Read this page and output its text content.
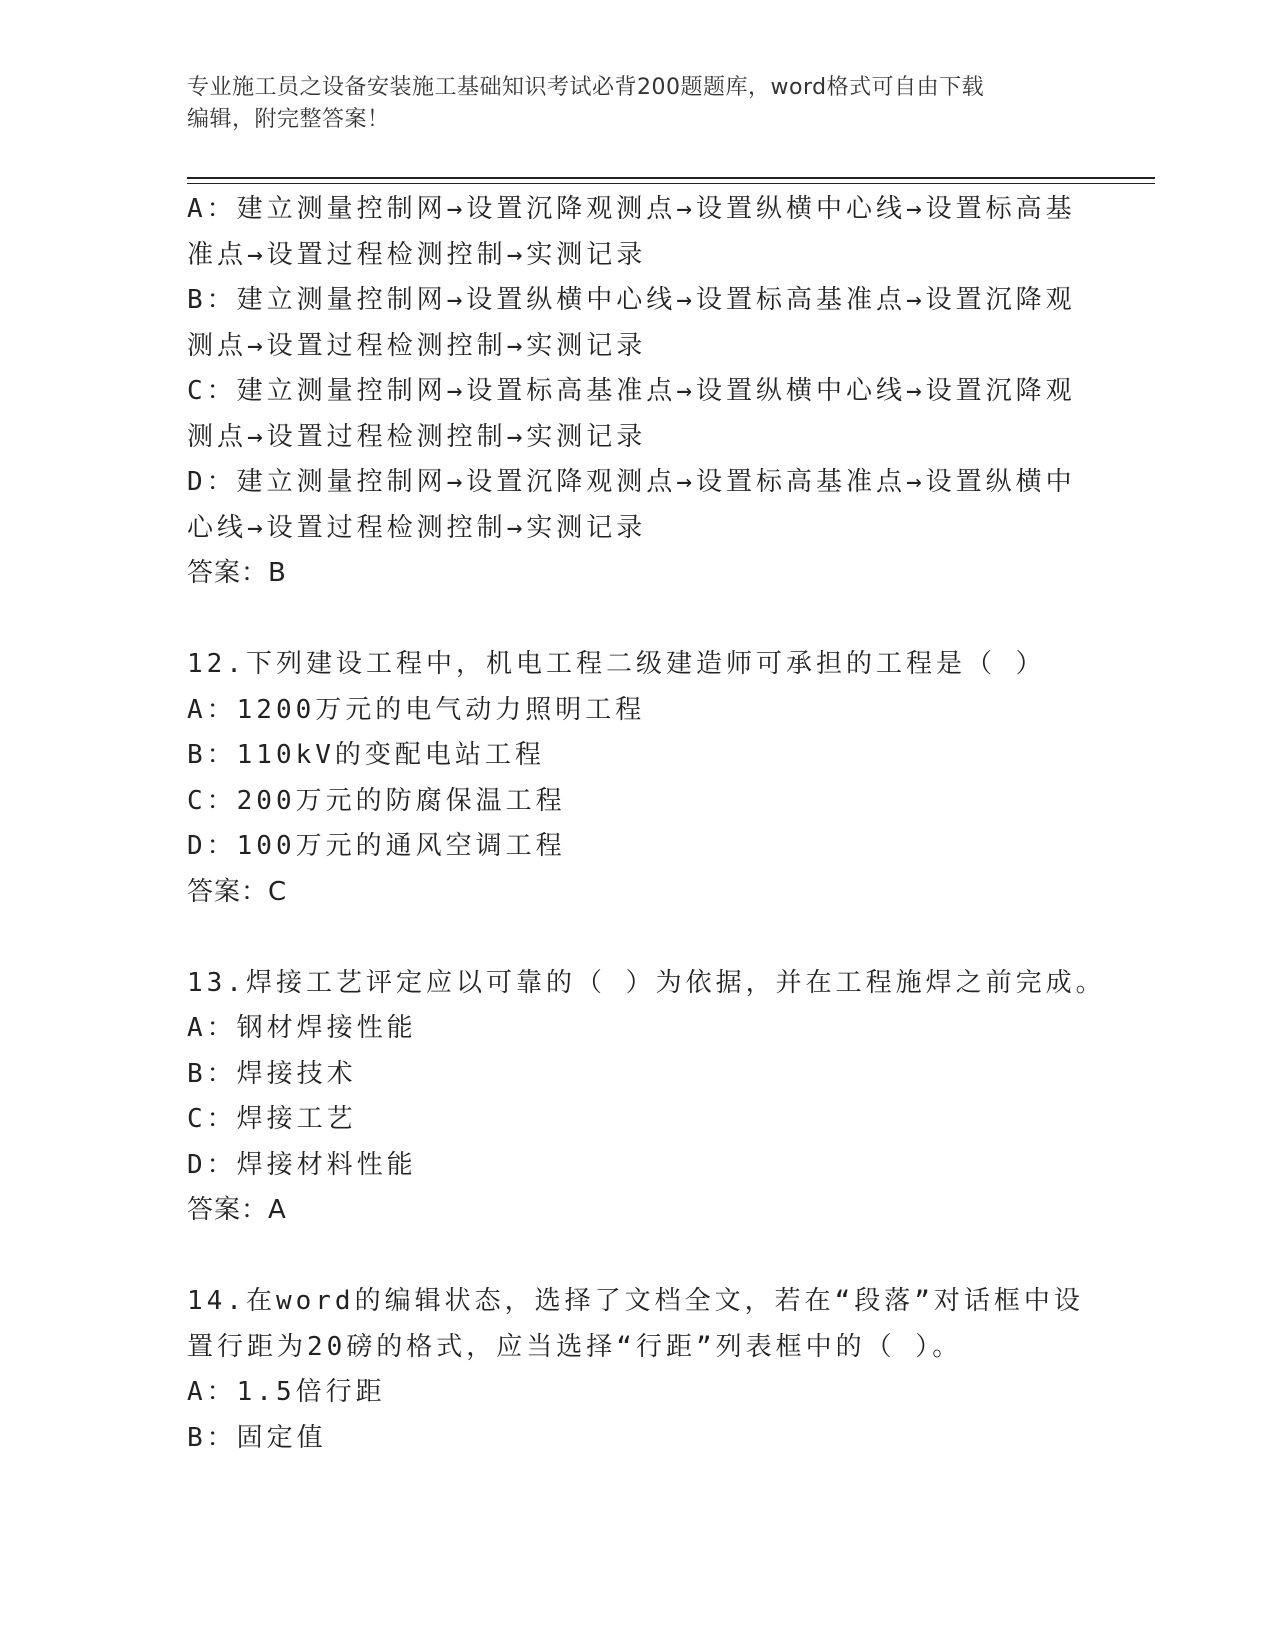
专业施工员之设备安装施工基础知识考试必背200题题库，word格式可自由下载
编辑，附完整答案！
A：建立测量控制网→设置沉降观测点→设置纵横中心线→设置标高基
准点→设置过程检测控制→实测记录
B：建立测量控制网→设置纵横中心线→设置标高基准点→设置沉降观
测点→设置过程检测控制→实测记录
C：建立测量控制网→设置标高基准点→设置纵横中心线→设置沉降观
测点→设置过程检测控制→实测记录
D：建立测量控制网→设置沉降观测点→设置标高基准点→设置纵横中
心线→设置过程检测控制→实测记录
答案：B
12.下列建设工程中，机电工程二级建造师可承担的工程是（ ）
A：1200万元的电气动力照明工程
B：110kV的变配电站工程
C：200万元的防腐保温工程
D：100万元的通风空调工程
答案：C
13.焊接工艺评定应以可靠的（ ）为依据，并在工程施焊之前完成。
A：钢材焊接性能
B：焊接技术
C：焊接工艺
D：焊接材料性能
答案：A
14.在word的编辑状态，选择了文档全文，若在“段落”对话框中设
置行距为20磅的格式，应当选择“行距”列表框中的（ ）。
A：1.5倍行距
B：固定值
